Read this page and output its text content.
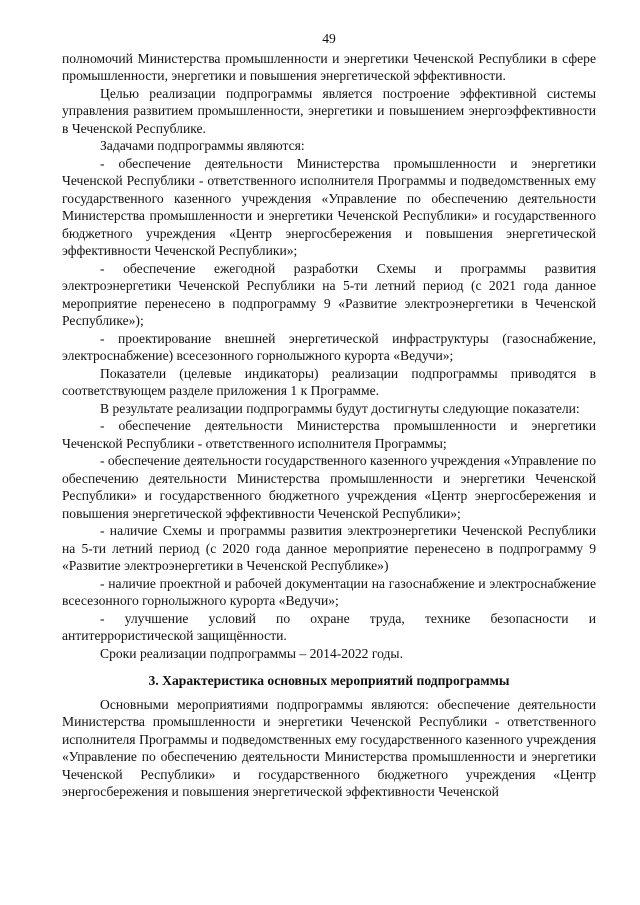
49

полномочий Министерства промышленности и энергетики Чеченской Республики в сфере промышленности, энергетики и повышения энергетической эффективности.

Целью реализации подпрограммы является построение эффективной системы управления развитием промышленности, энергетики и повышением энергоэффективности в Чеченской Республике.

Задачами подпрограммы являются:

- обеспечение деятельности Министерства промышленности и энергетики Чеченской Республики - ответственного исполнителя Программы и подведомственных ему государственного казенного учреждения «Управление по обеспечению деятельности Министерства промышленности и энергетики Чеченской Республики» и государственного бюджетного учреждения «Центр энергосбережения и повышения энергетической эффективности Чеченской Республики»;

- обеспечение ежегодной разработки Схемы и программы развития электроэнергетики Чеченской Республики на 5-ти летний период (с 2021 года данное мероприятие перенесено в подпрограмму 9 «Развитие электроэнергетики в Чеченской Республике»);

- проектирование внешней энергетической инфраструктуры (газоснабжение, электроснабжение) всесезонного горнолыжного курорта «Ведучи»;

Показатели (целевые индикаторы) реализации подпрограммы приводятся в соответствующем разделе приложения 1 к Программе.

В результате реализации подпрограммы будут достигнуты следующие показатели:

- обеспечение деятельности Министерства промышленности и энергетики Чеченской Республики - ответственного исполнителя Программы;

- обеспечение деятельности государственного казенного учреждения «Управление по обеспечению деятельности Министерства промышленности и энергетики Чеченской Республики» и государственного бюджетного учреждения «Центр энергосбережения и повышения энергетической эффективности Чеченской Республики»;

- наличие Схемы и программы развития электроэнергетики Чеченской Республики на 5-ти летний период (с 2020 года данное мероприятие перенесено в подпрограмму 9 «Развитие электроэнергетики в Чеченской Республике»)

- наличие проектной и рабочей документации на газоснабжение и электроснабжение всесезонного горнолыжного курорта «Ведучи»;

- улучшение условий по охране труда, технике безопасности и антитеррористической защищённости.

Сроки реализации подпрограммы – 2014-2022 годы.

3. Характеристика основных мероприятий подпрограммы

Основными мероприятиями подпрограммы являются: обеспечение деятельности Министерства промышленности и энергетики Чеченской Республики - ответственного исполнителя Программы и подведомственных ему государственного казенного учреждения «Управление по обеспечению деятельности Министерства промышленности и энергетики Чеченской Республики» и государственного бюджетного учреждения «Центр энергосбережения и повышения энергетической эффективности Чеченской
